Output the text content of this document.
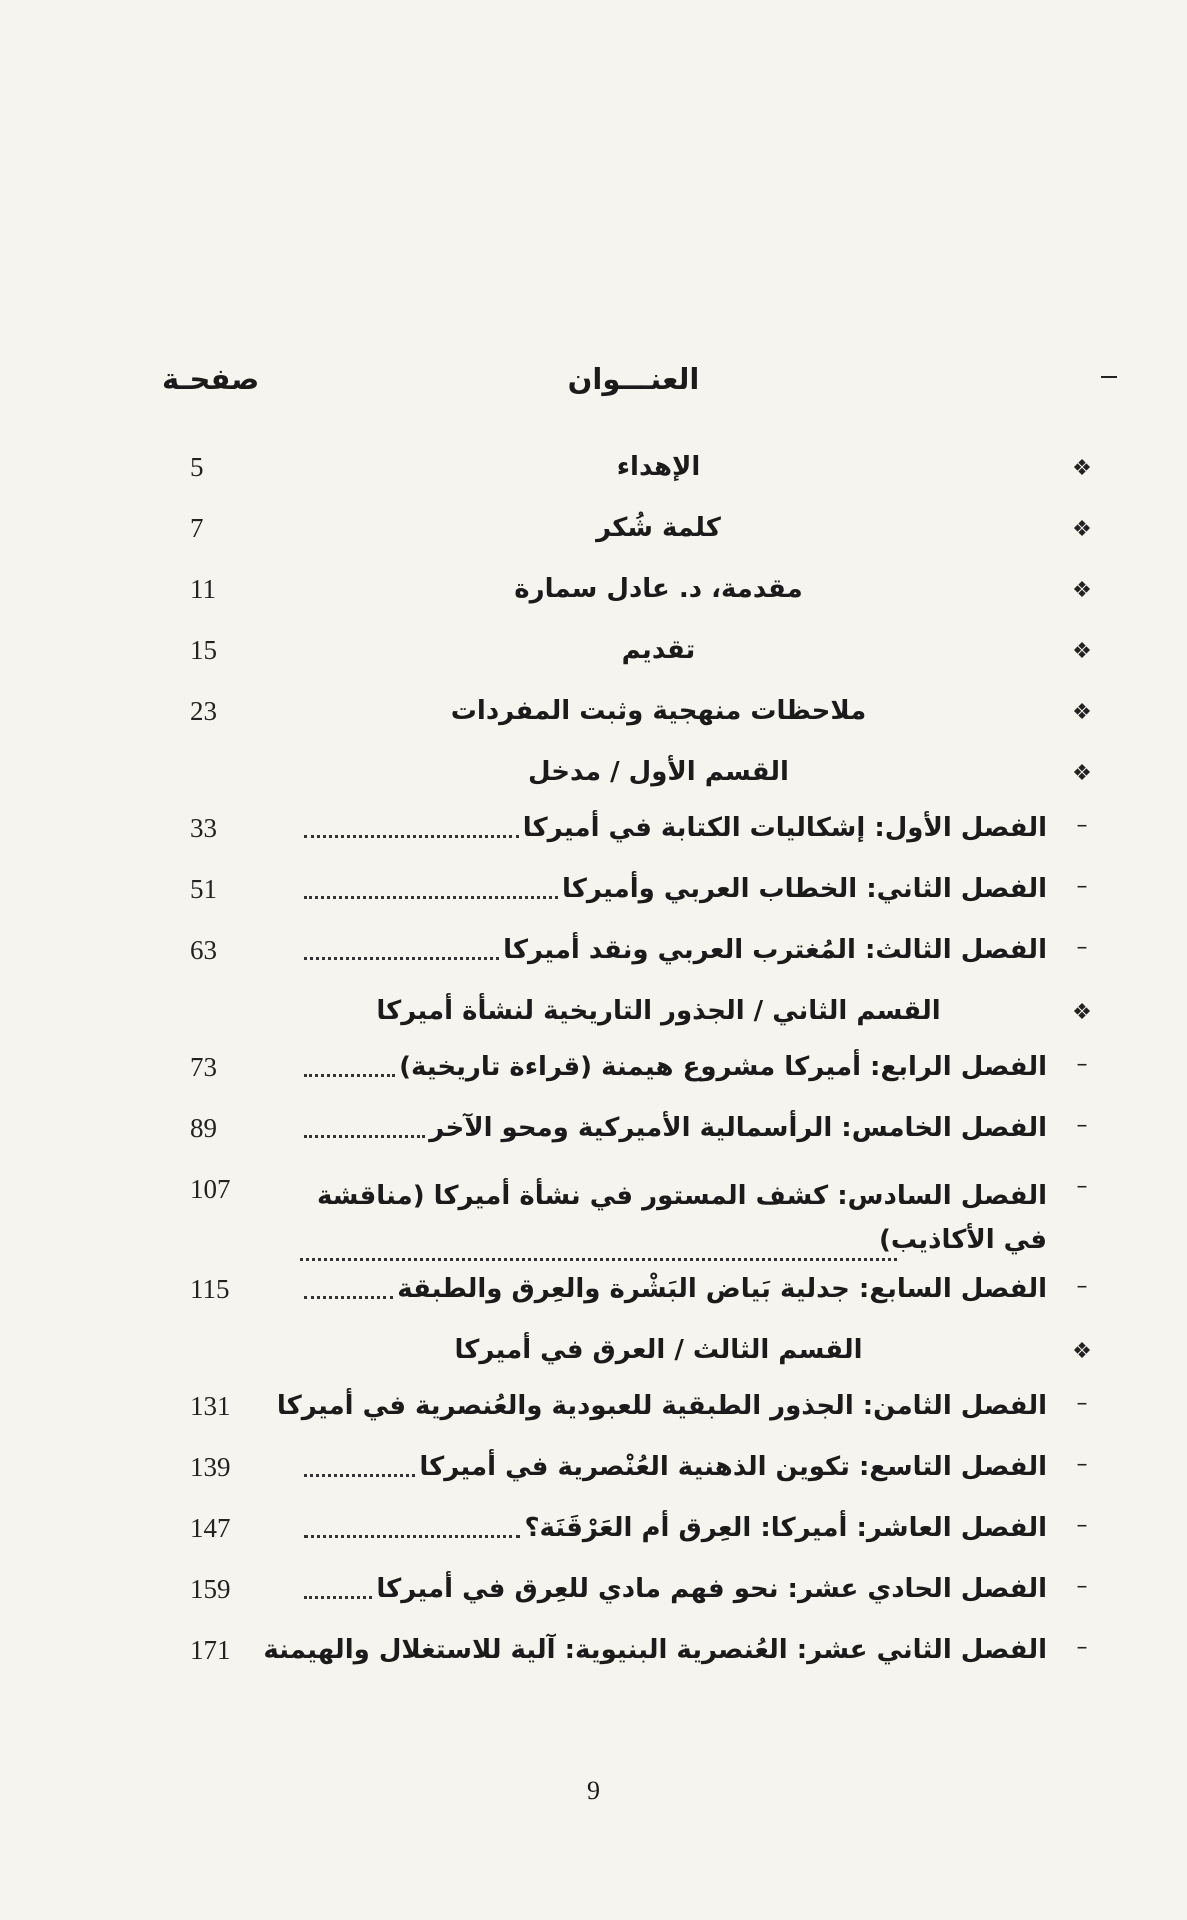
العنـــوان
صفحـة
❖
الإهداء
5
❖
كلمة شُكر
7
❖
مقدمة، د. عادل سمارة
11
❖
تقديم
15
❖
ملاحظات منهجية وثبت المفردات
23
❖
القسم الأول / مدخل
–
الفصل الأول: إشكاليات الكتابة في أميركا
33
–
الفصل الثاني: الخطاب العربي وأميركا
51
–
الفصل الثالث: المُغترب العربي ونقد أميركا
63
❖
القسم الثاني / الجذور التاريخية لنشأة أميركا
–
الفصل الرابع: أميركا مشروع هيمنة (قراءة تاريخية)
73
–
الفصل الخامس: الرأسمالية الأميركية ومحو الآخر
89
–
الفصل السادس: كشف المستور في نشأة أميركا (مناقشة في الأكاذيب)
107
–
الفصل السابع: جدلية بَياض البَشْرة والعِرق والطبقة
115
❖
القسم الثالث / العرق في أميركا
–
الفصل الثامن: الجذور الطبقية للعبودية والعُنصرية في أميركا
131
–
الفصل التاسع: تكوين الذهنية العُنْصرية في أميركا
139
–
الفصل العاشر: أميركا: العِرق أم العَرْقَنَة؟
147
–
الفصل الحادي عشر: نحو فهم مادي للعِرق في أميركا
159
–
الفصل الثاني عشر: العُنصرية البنيوية: آلية للاستغلال والهيمنة
171
9
